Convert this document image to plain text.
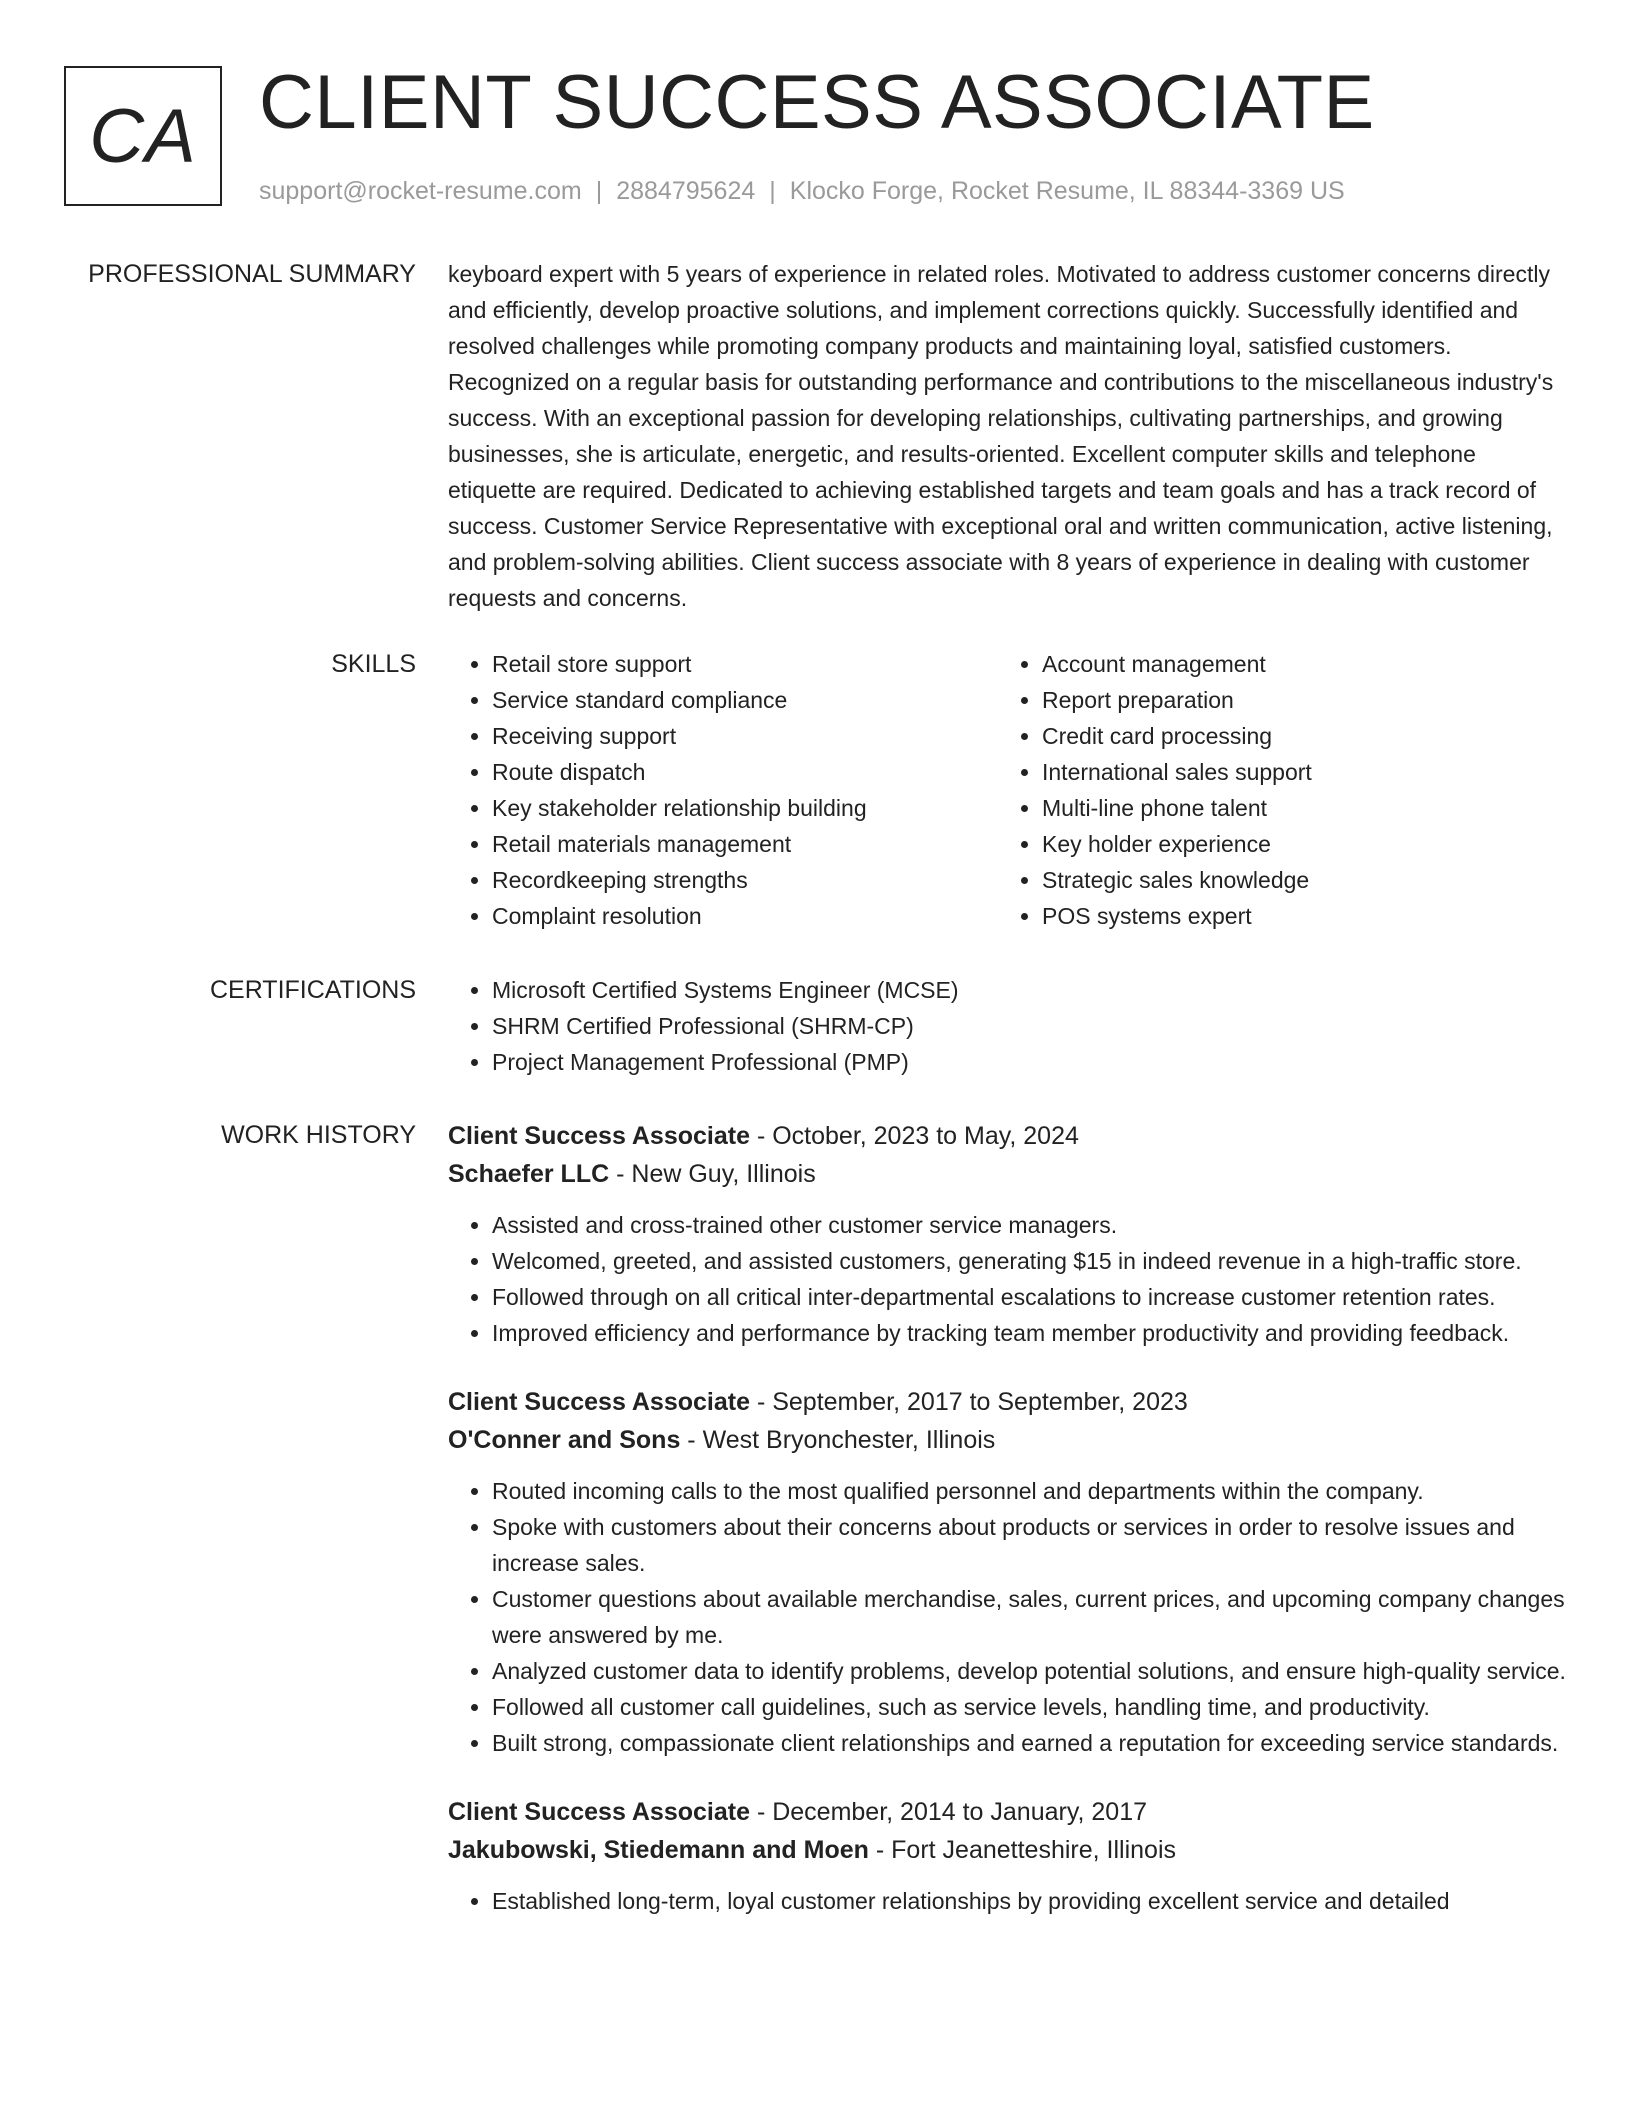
CA CLIENT SUCCESS ASSOCIATE
support@rocket-resume.com | 2884795624 | Klocko Forge, Rocket Resume, IL 88344-3369 US
PROFESSIONAL SUMMARY keyboard expert with 5 years of experience in related roles. Motivated to address customer concerns directly and efficiently, develop proactive solutions, and implement corrections quickly. Successfully identified and resolved challenges while promoting company products and maintaining loyal, satisfied customers. Recognized on a regular basis for outstanding performance and contributions to the miscellaneous industry's success. With an exceptional passion for developing relationships, cultivating partnerships, and growing businesses, she is articulate, energetic, and results-oriented. Excellent computer skills and telephone etiquette are required. Dedicated to achieving established targets and team goals and has a track record of success. Customer Service Representative with exceptional oral and written communication, active listening, and problem-solving abilities. Client success associate with 8 years of experience in dealing with customer requests and concerns.

SKILLS	• Retail store support
• Service standard compliance
• Receiving support
• Route dispatch
• Key stakeholder relationship building
• Retail materials management
• Recordkeeping strengths
• Complaint resolution
• Account management
• Report preparation
• Credit card processing
• International sales support
• Multi-line phone talent
• Key holder experience
• Strategic sales knowledge
• POS systems expert
CERTIFICATIONS	• Microsoft Certified Systems Engineer (MCSE)
• SHRM Certified Professional (SHRM-CP)
• Project Management Professional (PMP)
WORK HISTORY Client Success Associate - October, 2023 to May, 2024
Schaefer LLC - New Guy, Illinois
• Assisted and cross-trained other customer service managers.
• Welcomed, greeted, and assisted customers, generating $15 in indeed revenue in a high-traffic store.
• Followed through on all critical inter-departmental escalations to increase customer retention rates.
• Improved efficiency and performance by tracking team member productivity and providing feedback.
Client Success Associate - September, 2017 to September, 2023
O'Conner and Sons - West Bryonchester, Illinois
• Routed incoming calls to the most qualified personnel and departments within the company.
• Spoke with customers about their concerns about products or services in order to resolve issues and increase sales.
• Customer questions about available merchandise, sales, current prices, and upcoming company changes were answered by me.
• Analyzed customer data to identify problems, develop potential solutions, and ensure high-quality service.
• Followed all customer call guidelines, such as service levels, handling time, and productivity.
• Built strong, compassionate client relationships and earned a reputation for exceeding service standards.
Client Success Associate - December, 2014 to January, 2017
Jakubowski, Stiedemann and Moen - Fort Jeanetteshire, Illinois
• Established long-term, loyal customer relationships by providing excellent service and detailed
